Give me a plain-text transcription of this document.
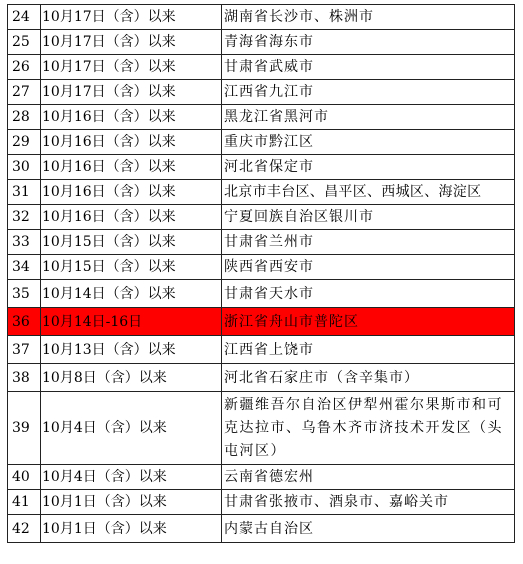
24	10月17日（含）以来	湖南省长沙市、株洲市
25	10月17日（含）以来	青海省海东市
26	10月17日（含）以来	甘肃省武威市
27	10月17日（含）以来	江西省九江市
28	10月16日（含）以来	黑龙江省黑河市
29	10月16日（含）以来	重庆市黔江区
30	10月16日（含）以来	河北省保定市
31	10月16日（含）以来	北京市丰台区、昌平区、西城区、海淀区
32	10月16日（含）以来	宁夏回族自治区银川市
33	10月15日（含）以来	甘肃省兰州市
34	10月15日（含）以来	陕西省西安市
35	10月14日（含）以来	甘肃省天水市
36	10月14日-16日	浙江省舟山市普陀区
37	10月13日（含）以来	江西省上饶市
38	10月8日（含）以来	河北省石家庄市（含辛集市）
39	10月4日（含）以来	新疆维吾尔自治区伊犁州霍尔果斯市和可克达拉市、乌鲁木齐市济技术开发区（头屯河区）
40	10月4日（含）以来	云南省德宏州
41	10月1日（含）以来	甘肃省张掖市、酒泉市、嘉峪关市
42	10月1日（含）以来	内蒙古自治区
